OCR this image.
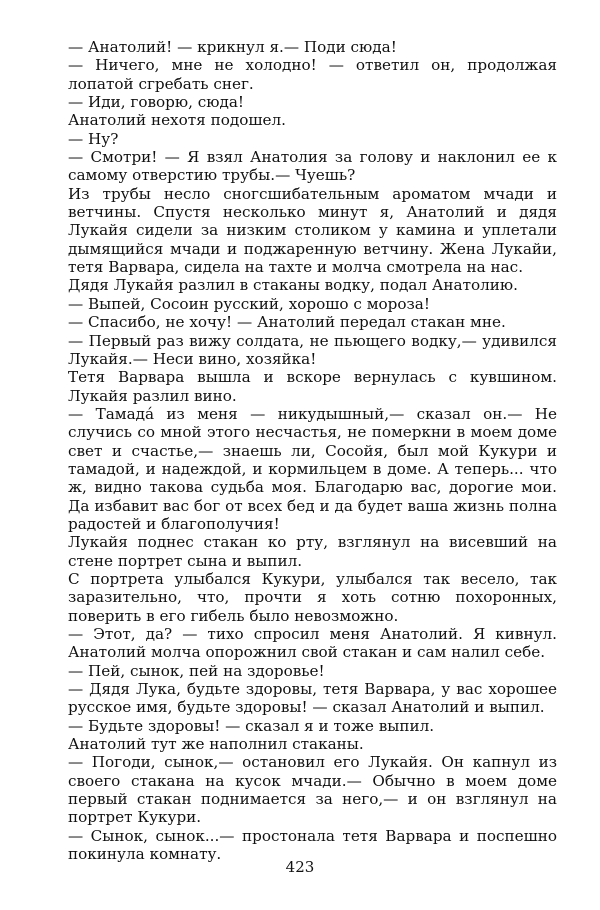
— Анатолий! — крикнул я.— Поди сюда!

— Ничего, мне не холодно! — ответил он, продолжая лопатой сгребать снег.

— Иди, говорю, сюда!

Анатолий нехотя подошел.

— Ну?

— Смотри! — Я взял Анатолия за голову и наклонил ее к самому отверстию трубы.— Чуешь?

Из трубы несло сногсшибательным ароматом мчади и ветчины. Спустя несколько минут я, Анатолий и дядя Лукайя сидели за низким столиком у камина и уплетали дымящийся мчади и поджаренную ветчину. Жена Лукайи, тетя Варвара, сидела на тахте и молча смотрела на нас.

Дядя Лукайя разлил в стаканы водку, подал Анатолию.

— Выпей, Сосоин русский, хорошо с мороза!

— Спасибо, не хочу! — Анатолий передал стакан мне.

— Первый раз вижу солдата, не пьющего водку,— удивился Лукайя.— Неси вино, хозяйка!

Тетя Варвара вышла и вскоре вернулась с кувшином. Лукайя разлил вино.

— Тамада́ из меня — никудышный,— сказал он.— Не случись со мной этого несчастья, не померкни в моем доме свет и счастье,— знаешь ли, Сосойя, был мой Кукури и тамадой, и надеждой, и кормильцем в доме. А теперь... что ж, видно такова судьба моя. Благодарю вас, дорогие мои. Да избавит вас бог от всех бед и да будет ваша жизнь полна радостей и благополучия!

Лукайя поднес стакан ко рту, взглянул на висевший на стене портрет сына и выпил.

С портрета улыбался Кукури, улыбался так весело, так заразительно, что, прочти я хоть сотню похоронных, поверить в его гибель было невозможно.

— Этот, да? — тихо спросил меня Анатолий. Я кивнул. Анатолий молча опорожнил свой стакан и сам налил себе.

— Пей, сынок, пей на здоровье!

— Дядя Лука, будьте здоровы, тетя Варвара, у вас хорошее русское имя, будьте здоровы! — сказал Анатолий и выпил.

— Будьте здоровы! — сказал я и тоже выпил.

Анатолий тут же наполнил стаканы.

— Погоди, сынок,— остановил его Лукайя. Он капнул из своего стакана на кусок мчади.— Обычно в моем доме первый стакан поднимается за него,— и он взглянул на портрет Кукури.

— Сынок, сынок...— простонала тетя Варвара и поспешно покинула комнату.

423
